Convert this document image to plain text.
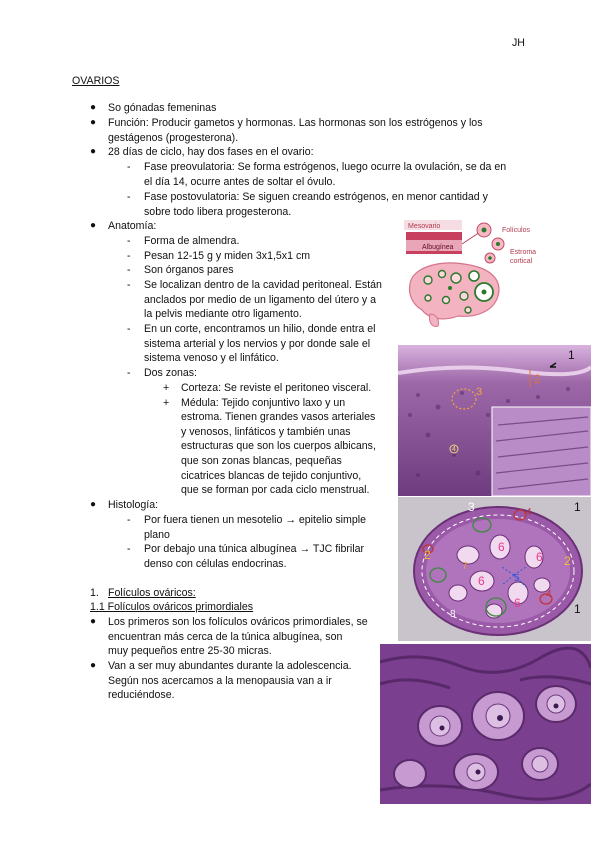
JH
OVARIOS
● So gónadas femeninas
● Función: Producir gametos y hormonas. Las hormonas son los estrógenos y los
gestágenos (progesterona).
● 28 días de ciclo, hay dos fases en el ovario:
- Fase preovulatoria: Se forma estrógenos, luego ocurre la ovulación, se da en
el día 14, ocurre antes de soltar el óvulo.
- Fase postovulatoria: Se siguen creando estrógenos, en menor cantidad y
sobre todo libera progesterona.
● Anatomía:
- Forma de almendra.
- Pesan 12-15 g y miden 3x1,5x1 cm
- Son órganos pares
- Se localizan dentro de la cavidad peritoneal. Están
anclados por medio de un ligamento del útero y a
la pelvis mediante otro ligamento.
- En un corte, encontramos un hilio, donde entra el
sistema arterial y los nervios y por donde sale el
sistema venoso y el linfático.
- Dos zonas:
+ Corteza: Se reviste el peritoneo visceral.
+ Médula: Tejido conjuntivo laxo y un
estroma. Tienen grandes vasos arteriales
y venosos, linfáticos y también unas
estructuras que son los cuerpos albicans,
que son zonas blancas, pequeñas
cicatrices blancas de tejido conjuntivo,
que se forman por cada ciclo menstrual.
● Histología:
- Por fuera tienen un mesotelio → epitelio simple
plano
- Por debajo una túnica albugínea → TJC fibrilar
denso con células endocrinas.
1. Folículos ováricos:
1.1 Folículos ováricos primordiales
● Los primeros son los folículos ováricos primordiales, se
encuentran más cerca de la túnica albugínea, son
muy pequeños entre 25-30 micras.
● Van a ser muy abundantes durante la adolescencia.
Según nos acercamos a la menopausia van a ir
reduciéndose.
Mesovario
Albugínea
Folículos
Estroma
cortical
3
2
1
4
3	1
1
2	2
4
4
5
6
6
6
6
7
8
